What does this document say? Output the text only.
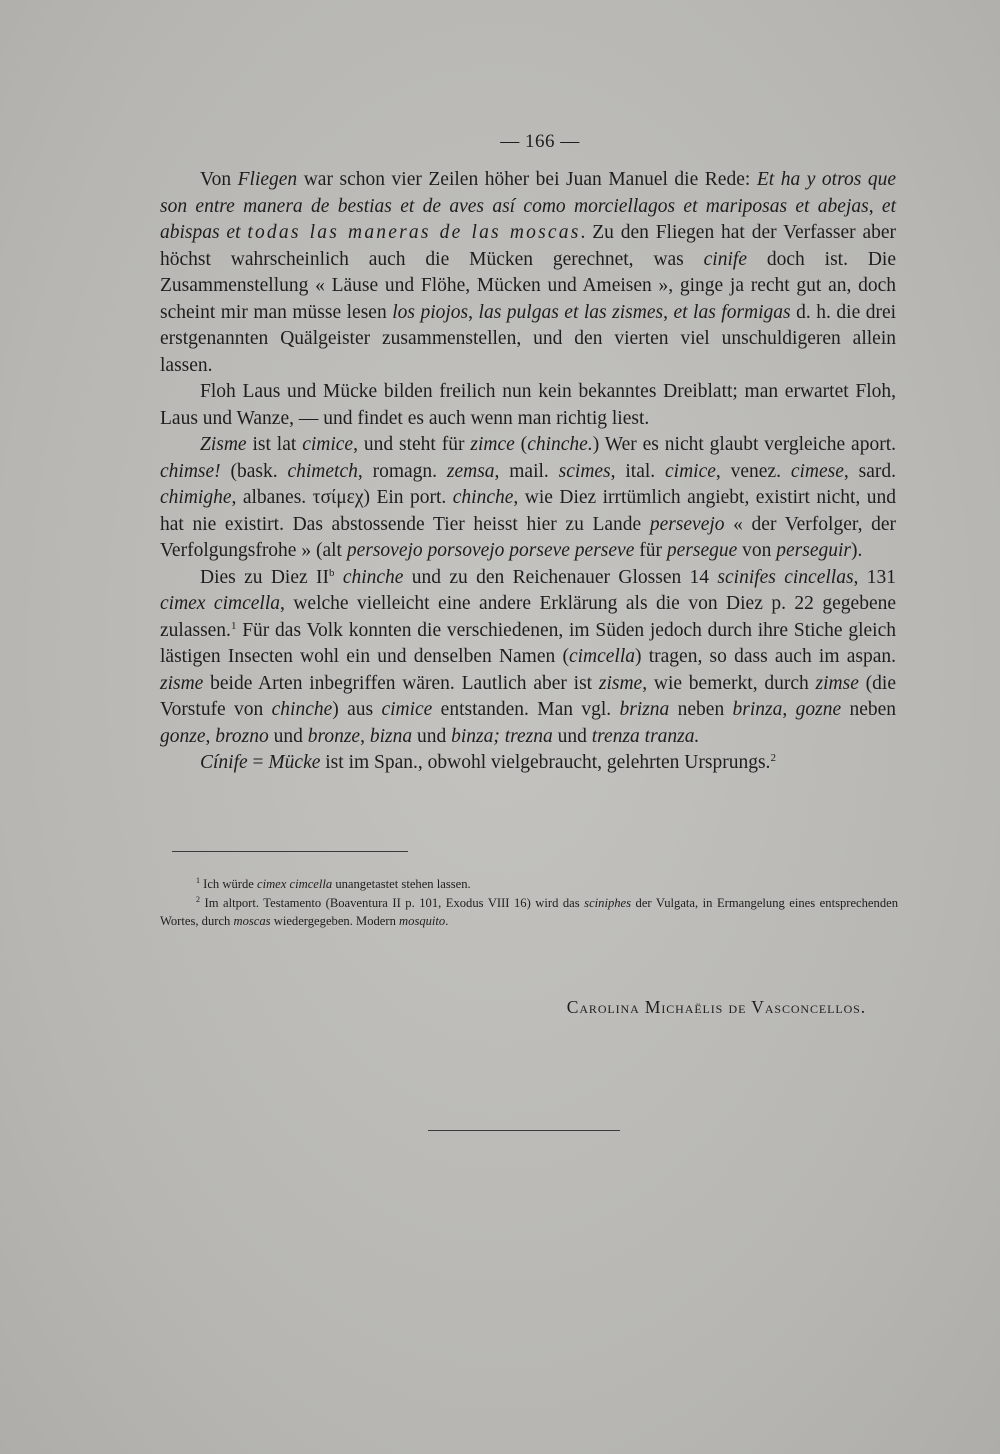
— 166 —

Von Fliegen war schon vier Zeilen höher bei Juan Manuel die Rede: Et ha y otros que son entre manera de bestias et de aves así como morciellagos et mariposas et abejas, et abispas et todas las maneras de las moscas. Zu den Fliegen hat der Verfasser aber höchst wahrscheinlich auch die Mücken gerechnet, was cinife doch ist. Die Zusammenstellung « Läuse und Flöhe, Mücken und Ameisen », ginge ja recht gut an, doch scheint mir man müsse lesen los piojos, las pulgas et las zismes, et las formigas d. h. die drei erstgenannten Quälgeister zusammenstellen, und den vierten viel unschuldigeren allein lassen.

Floh Laus und Mücke bilden freilich nun kein bekanntes Dreiblatt; man erwartet Floh, Laus und Wanze, — und findet es auch wenn man richtig liest.

Zisme ist lat cimice, und steht für zimce (chinche.) Wer es nicht glaubt vergleiche aport. chimse! (bask. chimetch, romagn. zemsa, mail. scimes, ital. cimice, venez. cimese, sard. chimighe, albanes. τσίμεχ) Ein port. chinche, wie Diez irrtümlich angiebt, existirt nicht, und hat nie existirt. Das abstossende Tier heisst hier zu Lande persevejo « der Verfolger, der Verfolgungsfrohe » (alt persovejo porsovejo porseve perseve für persegue von perseguir).

Dies zu Diez $II^b$ chinche und zu den Reichenauer Glossen 14 scinifes cincellas, 131 cimex cimcella, welche vielleicht eine andere Erklärung als die von Diez p. 22 gegebene zulassen.$^1$ Für das Volk konnten die verschiedenen, im Süden jedoch durch ihre Stiche gleich lästigen Insecten wohl ein und denselben Namen (cimcella) tragen, so dass auch im aspan. zisme beide Arten inbegriffen wären. Lautlich aber ist zisme, wie bemerkt, durch zimse (die Vorstufe von chinche) aus cimice entstanden. Man vgl. brizna neben brinza, gozne neben gonze, brozno und bronze, bizna und binza; trezna und trenza tranza.

Cínife = Mücke ist im Span., obwohl vielgebraucht, gelehrten Ursprungs.$^2$

$^1$ Ich würde cimex cimcella unangetastet stehen lassen.

$^2$ Im altport. Testamento (Boaventura II p. 101, Exodus VIII 16) wird das sciniphes der Vulgata, in Ermangelung eines entsprechenden Wortes, durch moscas wiedergegeben. Modern mosquito.

Carolina Michaëlis de Vasconcellos.
